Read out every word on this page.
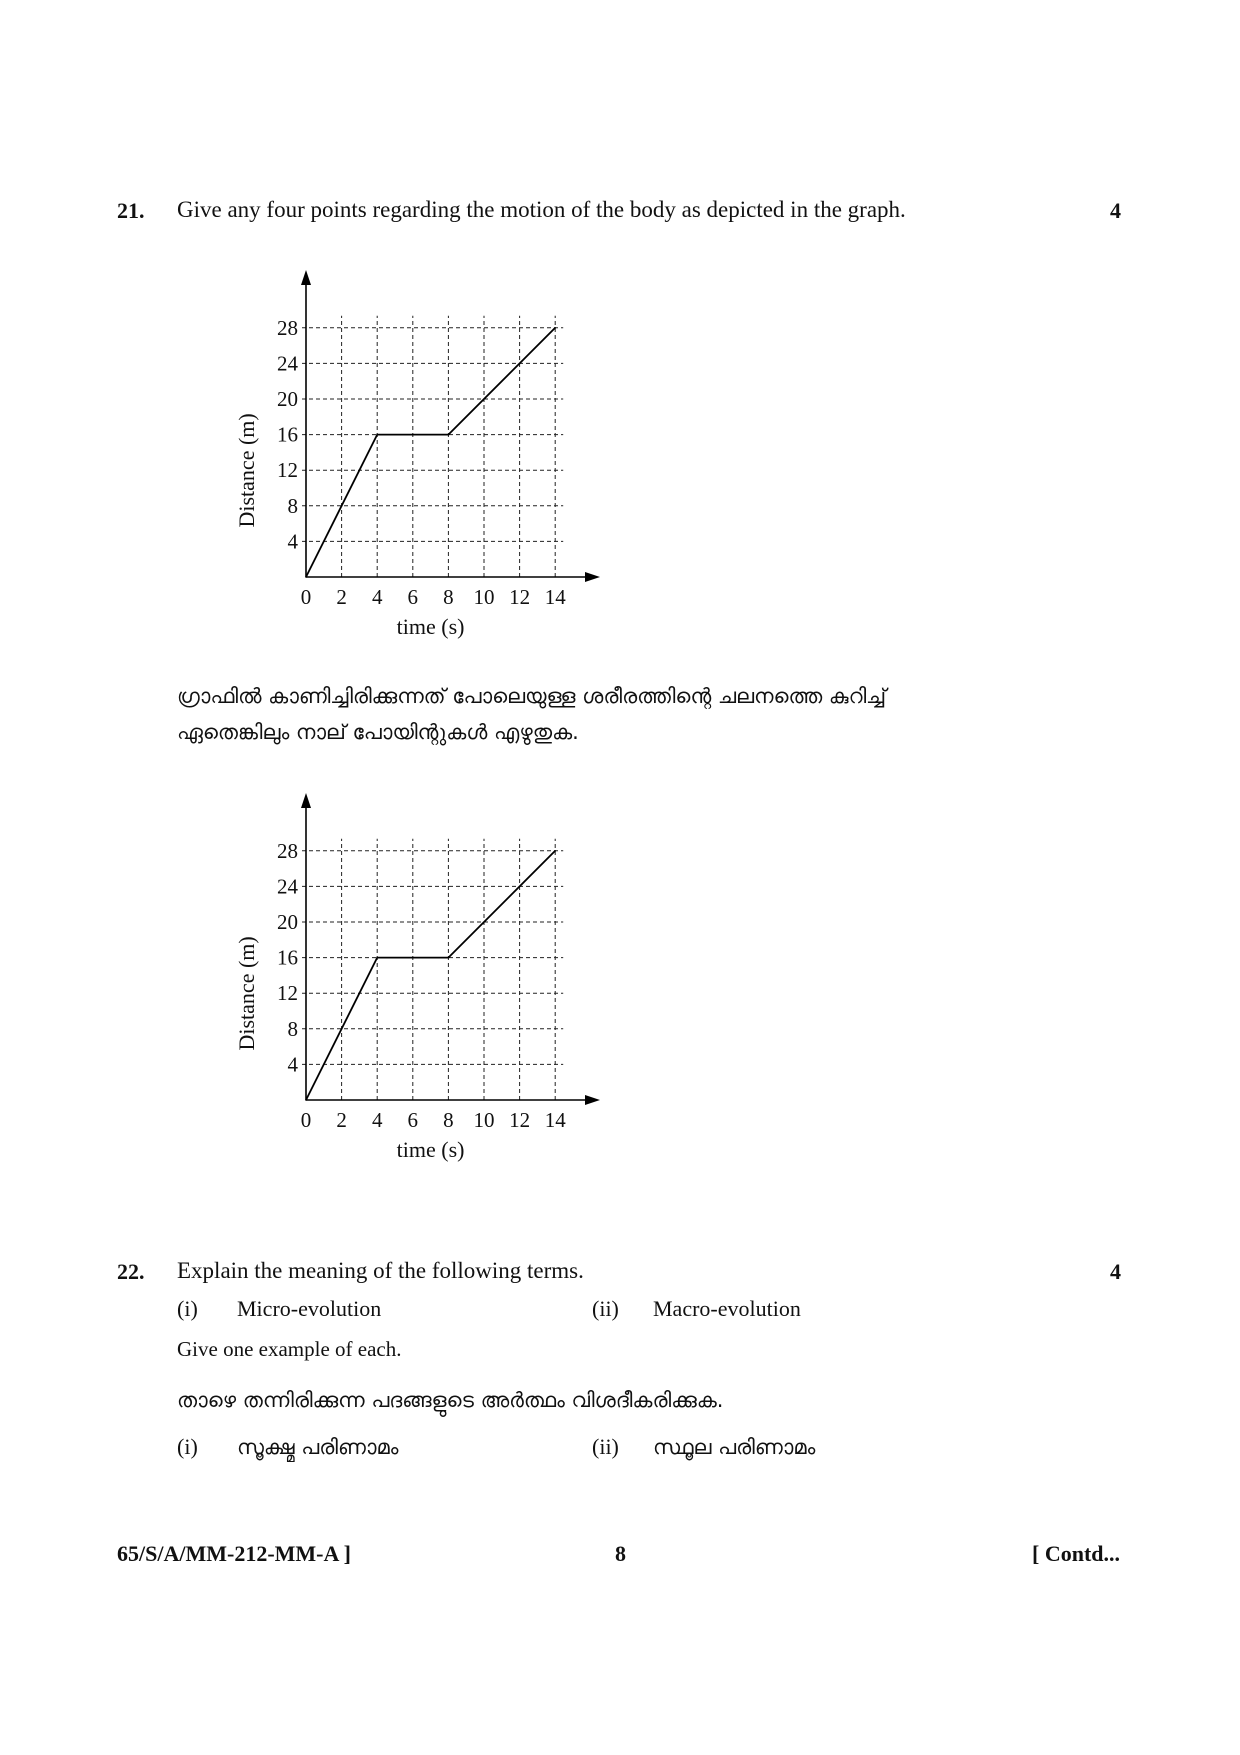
21. Give any four points regarding the motion of the body as depicted in the graph.	4
0 2 4 6 8 10 12 14
4
8
12
16
20
24
28
time (s)
Distance (m)
ഗ്രാഫിൽ കാണിച്ചിരിക്കുന്നത് പോലെയുള്ള ശരീരത്തിന്റെ ചലനത്തെ കുറിച്ച്
ഏതെങ്കിലും നാല് പോയിന്റുകൾ എഴുതുക.
0 2 4 6 8 10 12 14
4
8
12
16
20
24
28
time (s)
Distance (m)
22. Explain the meaning of the following terms.	4
(i) Micro-evolution	(ii) Macro-evolution
Give one example of each.
താഴെ തന്നിരിക്കുന്ന പദങ്ങളുടെ അർത്ഥം വിശദീകരിക്കുക.
(i) സൂക്ഷ്മ പരിണാമം	(ii) സ്ഥൂല പരിണാമം
65/S/A/MM-212-MM-A ]	8	[ Contd...
